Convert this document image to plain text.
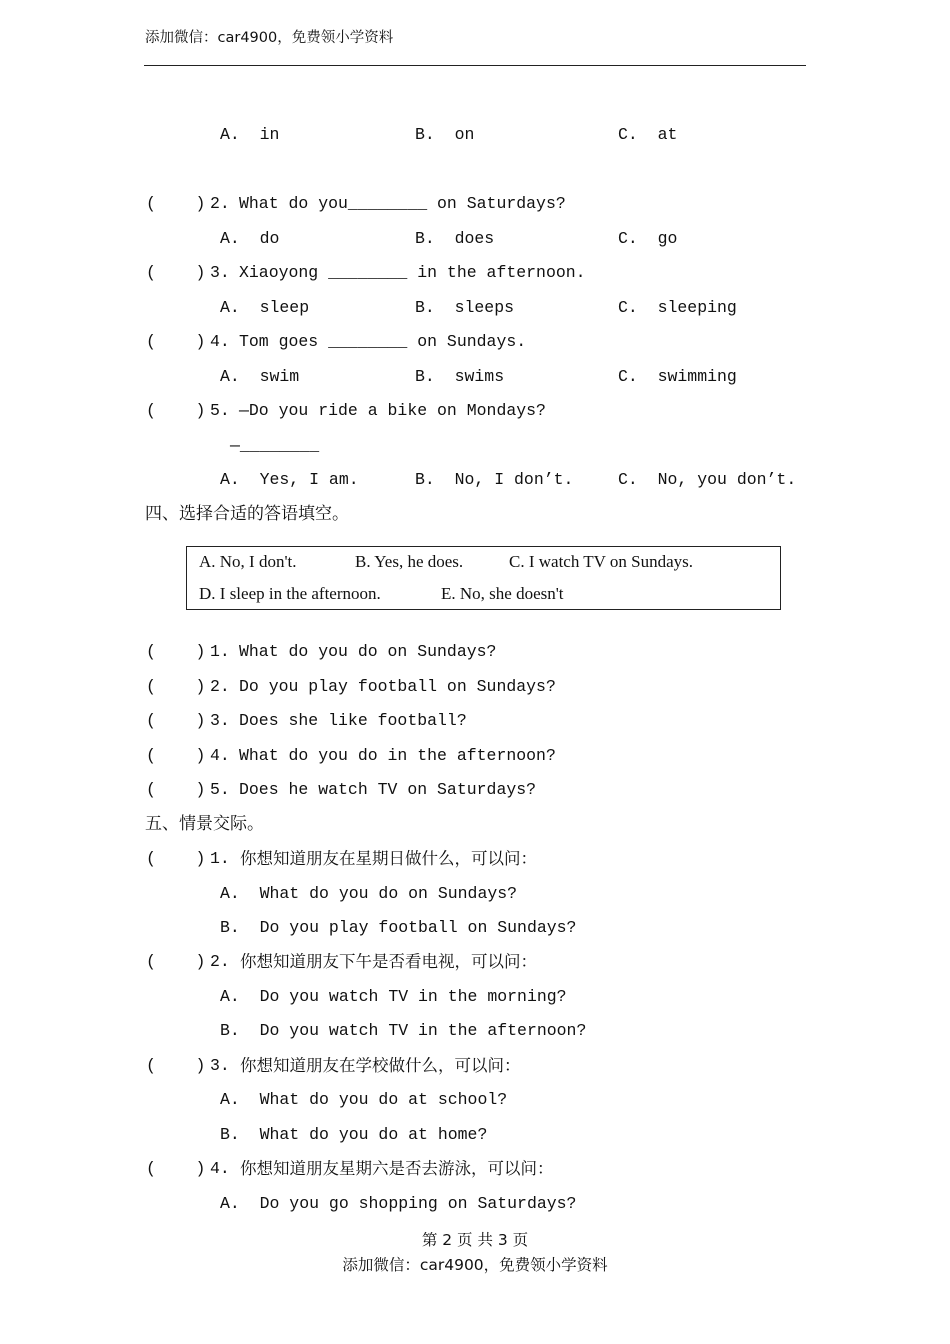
添加微信：car4900，免费领小学资料
A.  in	B.  on	C.  at
(    ) 2. What do you________ on Saturdays?
A.  do	B.  does	C.  go
(    ) 3. Xiaoyong ________ in the afternoon.
A.  sleep	B.  sleeps	C.  sleeping
(    ) 4. Tom goes ________ on Sundays.
A.  swim	B.  swims	C.  swimming
(    ) 5. —Do you ride a bike on Mondays?
—________
A.  Yes, I am.	B.  No, I don’t.	C.  No, you don’t.
四、选择合适的答语填空。
A. No, I don't.	B. Yes, he does.	C. I watch TV on Sundays.
D. I sleep in the afternoon.	E. No, she doesn't
(    ) 1. What do you do on Sundays?
(    ) 2. Do you play football on Sundays?
(    ) 3. Does she like football?
(    ) 4. What do you do in the afternoon?
(    ) 5. Does he watch TV on Saturdays?
五、情景交际。
(    ) 1. 你想知道朋友在星期日做什么，可以问：
A.  What do you do on Sundays?
B.  Do you play football on Sundays?
(    ) 2. 你想知道朋友下午是否看电视，可以问：
A.  Do you watch TV in the morning?
B.  Do you watch TV in the afternoon?
(    ) 3. 你想知道朋友在学校做什么，可以问：
A.  What do you do at school?
B.  What do you do at home?
(    ) 4. 你想知道朋友星期六是否去游泳，可以问：
A.  Do you go shopping on Saturdays?
第 2 页 共 3 页
添加微信：car4900，免费领小学资料
